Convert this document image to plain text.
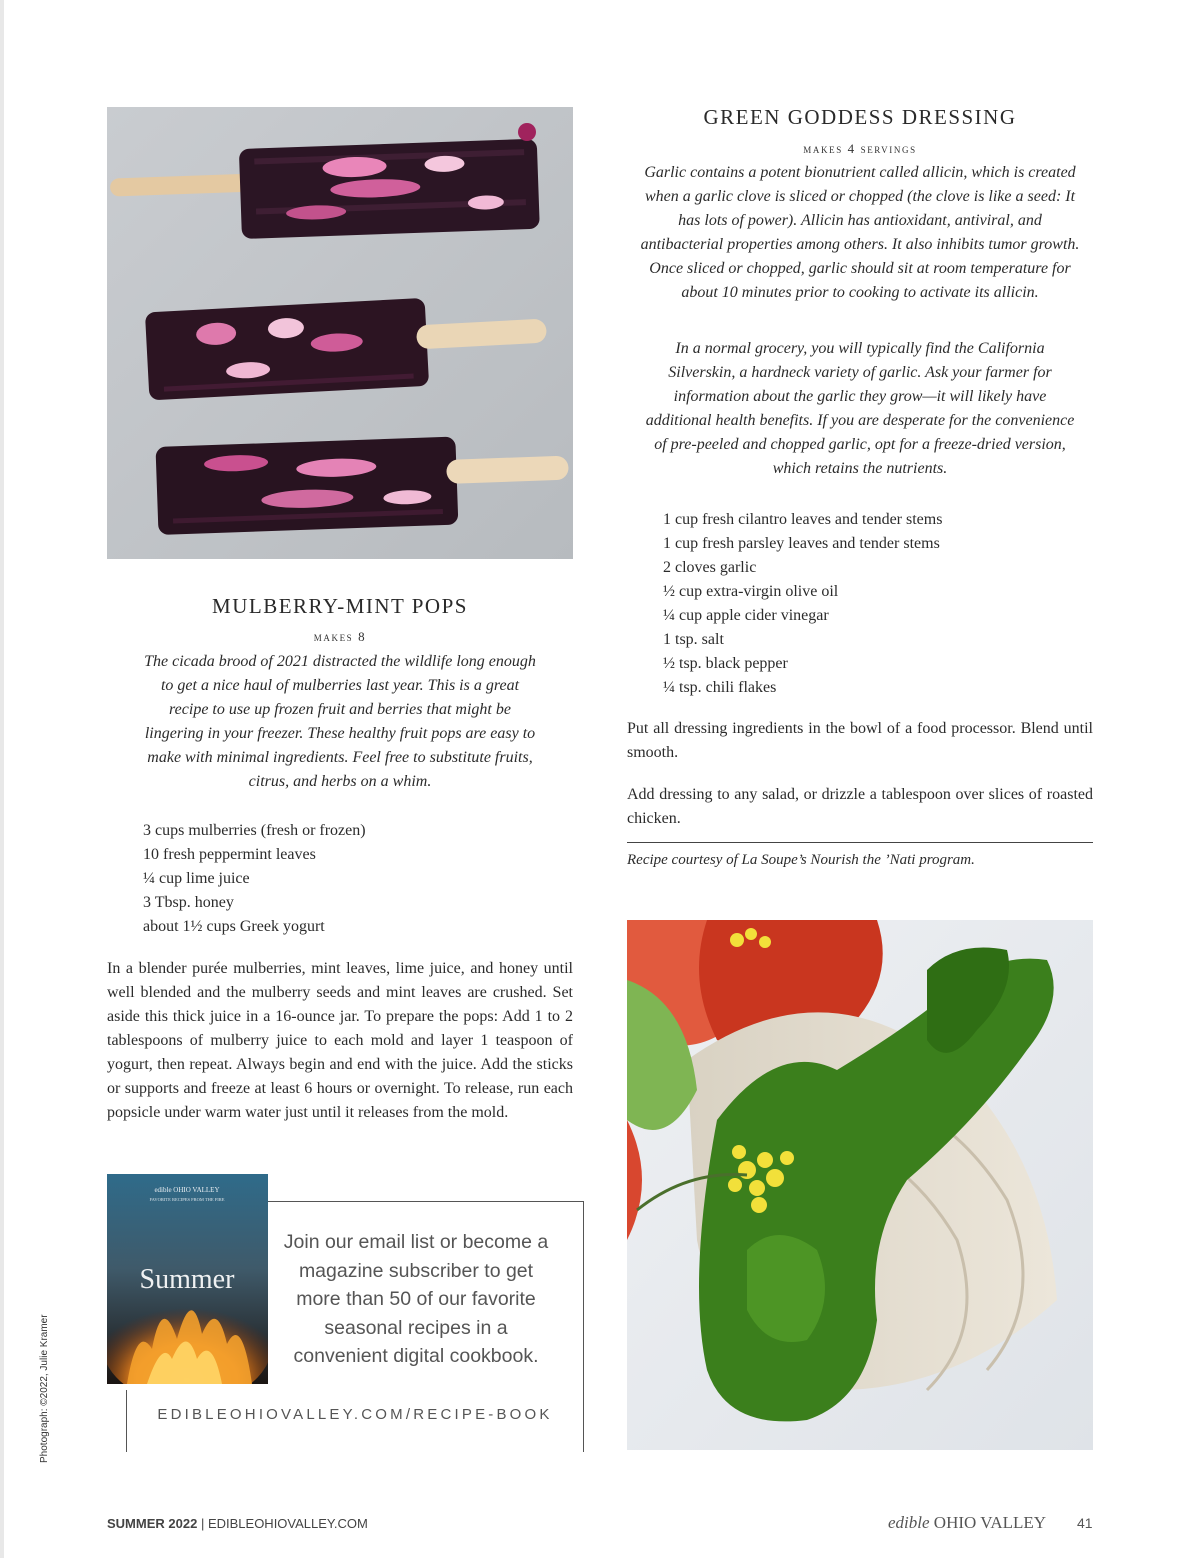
MULBERRY-MINT POPS
makes 8

The cicada brood of 2021 distracted the wildlife long enough to get a nice haul of mulberries last year. This is a great recipe to use up frozen fruit and berries that might be lingering in your freezer. These healthy fruit pops are easy to make with minimal ingredients. Feel free to substitute fruits, citrus, and herbs on a whim.

3 cups mulberries (fresh or frozen)
10 fresh peppermint leaves
¼ cup lime juice
3 Tbsp. honey
about 1½ cups Greek yogurt

In a blender purée mulberries, mint leaves, lime juice, and honey until well blended and the mulberry seeds and mint leaves are crushed. Set aside this thick juice in a 16-ounce jar. To prepare the pops: Add 1 to 2 tablespoons of mulberry juice to each mold and layer 1 teaspoon of yogurt, then repeat. Always begin and end with the juice. Add the sticks or supports and freeze at least 6 hours or overnight. To release, run each popsicle under warm water just until it releases from the mold.

edible OHIO VALLEY
FAVORITE RECIPES FROM THE FIRE
Summer
Join our email list or become a magazine subscriber to get more than 50 of our favorite seasonal recipes in a convenient digital cookbook.
EDIBLEOHIOVALLEY.COM/RECIPE-BOOK
Photograph: ©2022, Julie Kramer
GREEN GODDESS DRESSING
makes 4 servings

Garlic contains a potent bionutrient called allicin, which is created when a garlic clove is sliced or chopped (the clove is like a seed: It has lots of power). Allicin has antioxidant, antiviral, and antibacterial properties among others. It also inhibits tumor growth. Once sliced or chopped, garlic should sit at room temperature for about 10 minutes prior to cooking to activate its allicin.

In a normal grocery, you will typically find the California Silverskin, a hardneck variety of garlic. Ask your farmer for information about the garlic they grow—it will likely have additional health benefits. If you are desperate for the convenience of pre-peeled and chopped garlic, opt for a freeze-dried version, which retains the nutrients.

1 cup fresh cilantro leaves and tender stems
1 cup fresh parsley leaves and tender stems
2 cloves garlic
½ cup extra-virgin olive oil
¼ cup apple cider vinegar
1 tsp. salt
½ tsp. black pepper
¼ tsp. chili flakes

Put all dressing ingredients in the bowl of a food processor. Blend until smooth.

Add dressing to any salad, or drizzle a tablespoon over slices of roasted chicken.

Recipe courtesy of La Soupe’s Nourish the ’Nati program.
SUMMER 2022 | EDIBLEOHIOVALLEY.COM	edible OHIO VALLEY 41
